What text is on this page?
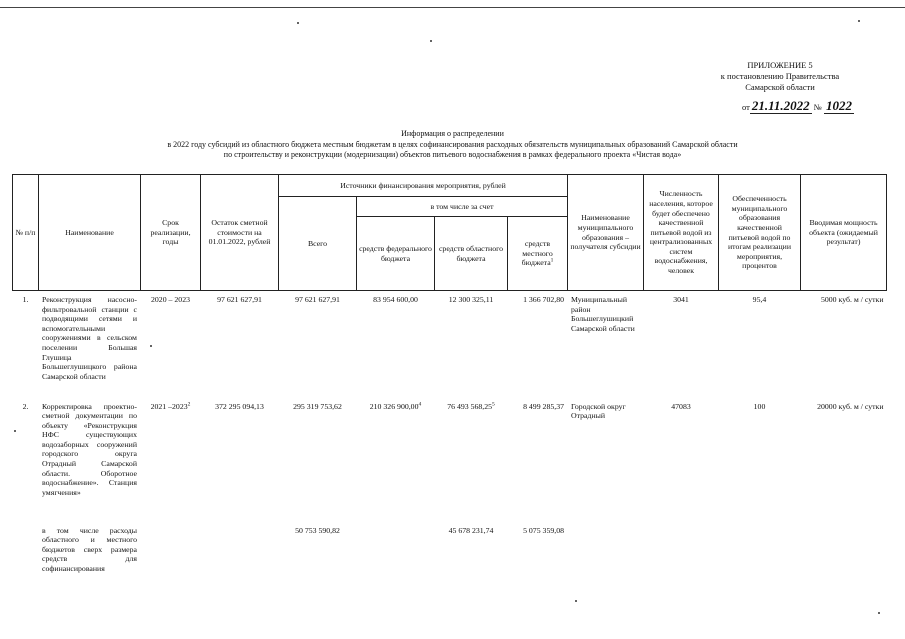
ПРИЛОЖЕНИЕ 5
к постановлению Правительства
Самарской области
от 21.11.2022 № 1022
Информация о распределении
в 2022 году субсидий из областного бюджета местным бюджетам в целях софинансирования расходных обязательств муниципальных образований Самарской области
по строительству и реконструкции (модернизации) объектов питьевого водоснабжения в рамках федерального проекта «Чистая вода»
№ п/п	Наименование	Срок реализации, годы	Остаток сметной стоимости на 01.01.2022, рублей	Источники финансирования мероприятия, рублей				Наименование муниципального образования – получателя субсидии	Численность населения, которое будет обеспечено качественной питьевой водой из централизованных систем водоснабжения, человек	Обеспеченность муниципального образования качественной питьевой водой по итогам реализации мероприятия, процентов	Вводимая мощность объекта (ожидаемый результат)
				Всего	в том числе за счет						
					средств федерального бюджета	средств областного бюджета	средств местного бюджета$^1$
1.	Реконструкция насосно-фильтровальной станции с подводящими сетями и вспомогательными сооружениями в сельском поселении Большая Глушица Большеглушицкого района Самарской области	2020 – 2023	97 621 627,91	97 621 627,91	83 954 600,00	12 300 325,11	1 366 702,80	Муниципальный район Большеглушицкий Самарской области	3041	95,4	5000 куб. м / сутки
2.	Корректировка проектно-сметной документации по объекту «Реконструкция НФС существующих водозаборных сооружений городского округа Отрадный Самарской области. Оборотное водоснабжение». Станция умягчения»	2021 –2023$^2$	372 295 094,13	295 319 753,62	210 326 900,00$^4$	76 493 568,25$^5$	8 499 285,37	Городской округ Отрадный	47083	100	20000 куб. м / сутки
	в том числе расходы областного и местного бюджетов сверх размера средств для софинансирования			50 753 590,82		45 678 231,74	5 075 359,08				
